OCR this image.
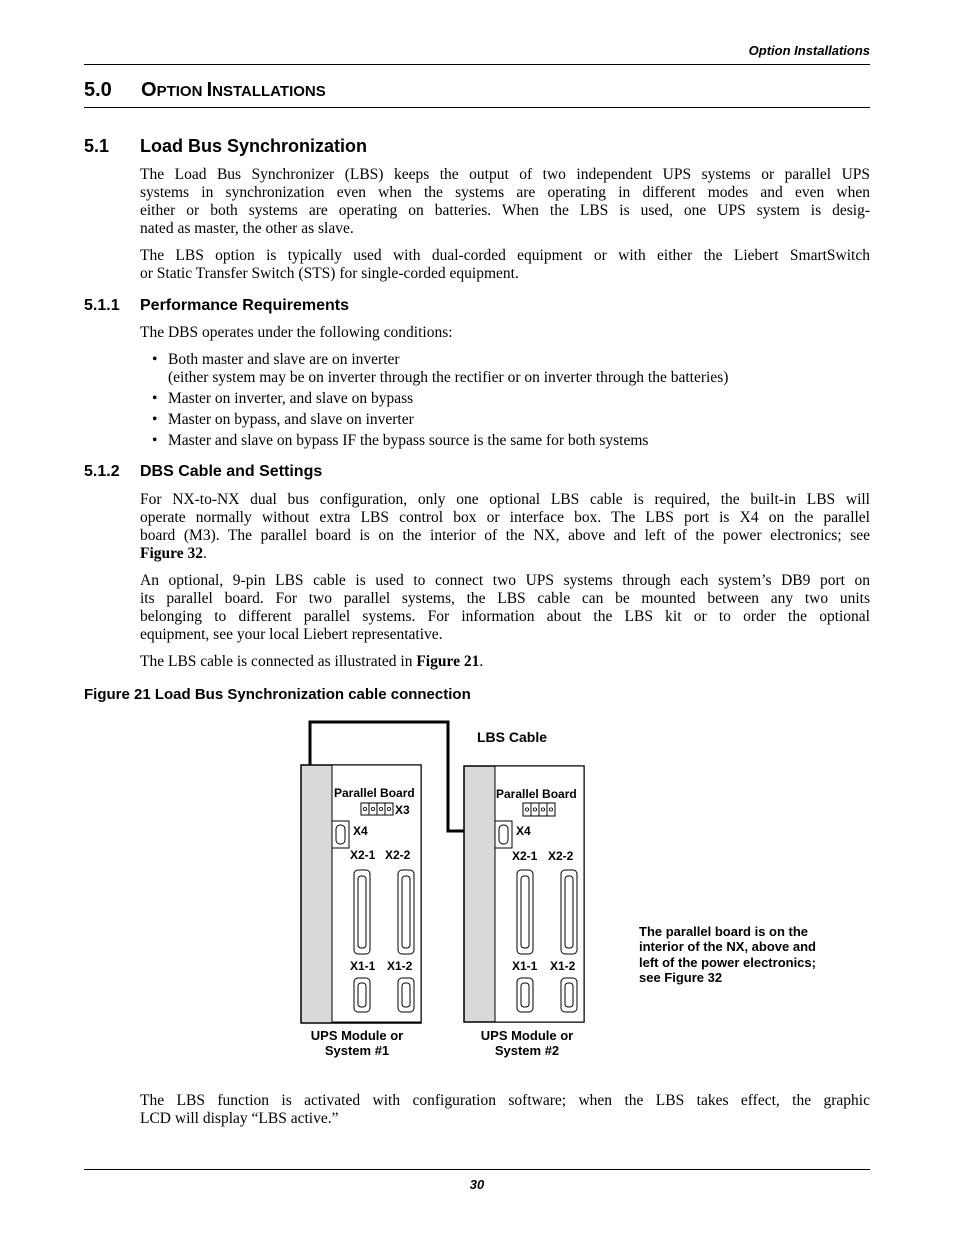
Option Installations
5.0 OPTION INSTALLATIONS
5.1 Load Bus Synchronization
The Load Bus Synchronizer (LBS) keeps the output of two independent UPS systems or parallel UPS
systems in synchronization even when the systems are operating in different modes and even when
either or both systems are operating on batteries. When the LBS is used, one UPS system is desig-
nated as master, the other as slave.
The LBS option is typically used with dual-corded equipment or with either the Liebert SmartSwitch
or Static Transfer Switch (STS) for single-corded equipment.
5.1.1 Performance Requirements
The DBS operates under the following conditions:
• Both master and slave are on inverter
(either system may be on inverter through the rectifier or on inverter through the batteries)
• Master on inverter, and slave on bypass
• Master on bypass, and slave on inverter
• Master and slave on bypass IF the bypass source is the same for both systems
5.1.2 DBS Cable and Settings
For NX-to-NX dual bus configuration, only one optional LBS cable is required, the built-in LBS will
operate normally without extra LBS control box or interface box. The LBS port is X4 on the parallel
board (M3). The parallel board is on the interior of the NX, above and left of the power electronics; see
Figure 32.
An optional, 9-pin LBS cable is used to connect two UPS systems through each system’s DB9 port on
its parallel board. For two parallel systems, the LBS cable can be mounted between any two units
belonging to different parallel systems. For information about the LBS kit or to order the optional
equipment, see your local Liebert representative.
The LBS cable is connected as illustrated in Figure 21.
Figure 21 Load Bus Synchronization cable connection
LBS Cable
Parallel Board
X3
X4
X2-1 X2-2
X1-1 X1-2
UPS Module or
System #1
Parallel Board
X4
X2-1 X2-2
X1-1 X1-2
UPS Module or
System #2
The parallel board is on the
interior of the NX, above and
left of the power electronics;
see Figure 32
The LBS function is activated with configuration software; when the LBS takes effect, the graphic
LCD will display “LBS active.”
30
